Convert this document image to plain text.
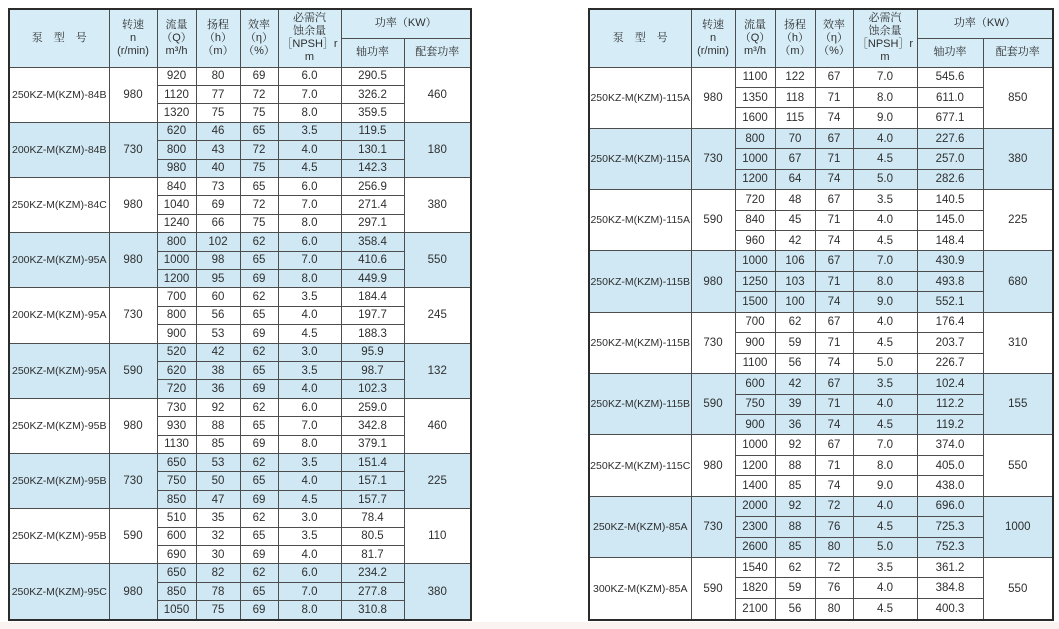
泵　型　号	转速
n
(r/min)	流量
（Q）
m³/h	扬程
（h）
（m）	效率
（η）
（%）	必需汽
蚀余量
［NPSH］r
m	功率（KW）	
						轴功率	配套功率
250KZ-M(KZM)-84B	980	920	80	69	6.0	290.5	460
		1120	77	72	7.0	326.2	
		1320	75	75	8.0	359.5	
200KZ-M(KZM)-84B	730	620	46	65	3.5	119.5	180
		800	43	72	4.0	130.1	
		980	40	75	4.5	142.3	
250KZ-M(KZM)-84C	980	840	73	65	6.0	256.9	380
		1040	69	72	7.0	271.4	
		1240	66	75	8.0	297.1	
200KZ-M(KZM)-95A	980	800	102	62	6.0	358.4	550
		1000	98	65	7.0	410.6	
		1200	95	69	8.0	449.9	
200KZ-M(KZM)-95A	730	700	60	62	3.5	184.4	245
		800	56	65	4.0	197.7	
		900	53	69	4.5	188.3	
250KZ-M(KZM)-95A	590	520	42	62	3.0	95.9	132
		620	38	65	3.5	98.7	
		720	36	69	4.0	102.3	
250KZ-M(KZM)-95B	980	730	92	62	6.0	259.0	460
		930	88	65	7.0	342.8	
		1130	85	69	8.0	379.1	
250KZ-M(KZM)-95B	730	650	53	62	3.5	151.4	225
		750	50	65	4.0	157.1	
		850	47	69	4.5	157.7	
250KZ-M(KZM)-95B	590	510	35	62	3.0	78.4	110
		600	32	65	3.5	80.5	
		690	30	69	4.0	81.7	
250KZ-M(KZM)-95C	980	650	82	62	6.0	234.2	380
		850	78	65	7.0	277.8	
		1050	75	69	8.0	310.8	
泵　型　号	转速
n
(r/min)	流量
（Q）
m³/h	扬程
（h）
（m）	效率
（η）
（%）	必需汽
蚀余量
［NPSH］r
m	功率（KW）	
						轴功率	配套功率
250KZ-M(KZM)-115A	980	1100	122	67	7.0	545.6	850
		1350	118	71	8.0	611.0	
		1600	115	74	9.0	677.1	
250KZ-M(KZM)-115A	730	800	70	67	4.0	227.6	380
		1000	67	71	4.5	257.0	
		1200	64	74	5.0	282.6	
250KZ-M(KZM)-115A	590	720	48	67	3.5	140.5	225
		840	45	71	4.0	145.0	
		960	42	74	4.5	148.4	
250KZ-M(KZM)-115B	980	1000	106	67	7.0	430.9	680
		1250	103	71	8.0	493.8	
		1500	100	74	9.0	552.1	
250KZ-M(KZM)-115B	730	700	62	67	4.0	176.4	310
		900	59	71	4.5	203.7	
		1100	56	74	5.0	226.7	
250KZ-M(KZM)-115B	590	600	42	67	3.5	102.4	155
		750	39	71	4.0	112.2	
		900	36	74	4.5	119.2	
250KZ-M(KZM)-115C	980	1000	92	67	7.0	374.0	550
		1200	88	71	8.0	405.0	
		1400	85	74	9.0	438.0	
250KZ-M(KZM)-85A	730	2000	92	72	4.0	696.0	1000
		2300	88	76	4.5	725.3	
		2600	85	80	5.0	752.3	
300KZ-M(KZM)-85A	590	1540	62	72	3.5	361.2	550
		1820	59	76	4.0	384.8	
		2100	56	80	4.5	400.3	
